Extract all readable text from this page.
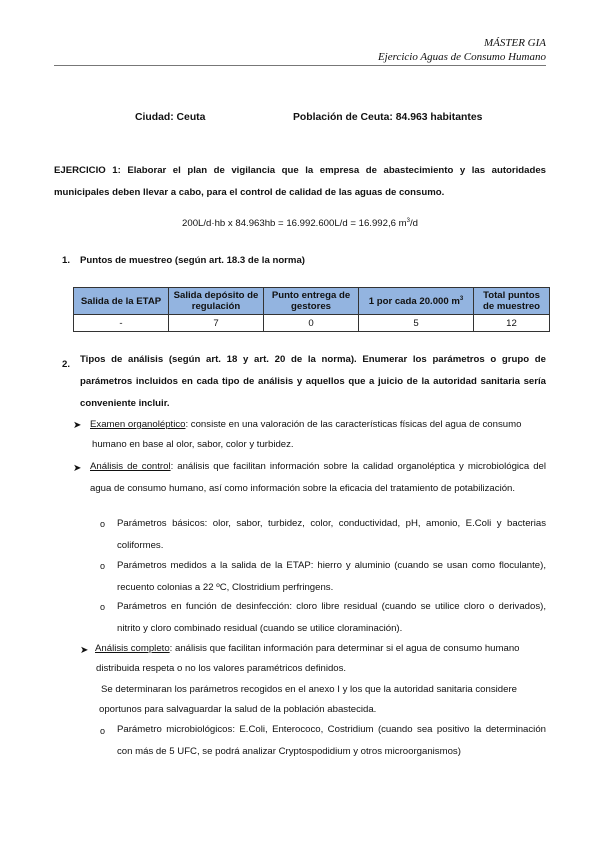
MÁSTER GIA
Ejercicio Aguas de Consumo Humano
Ciudad: Ceuta	Población de Ceuta: 84.963 habitantes
EJERCICIO 1: Elaborar el plan de vigilancia que la empresa de abastecimiento y las autoridades municipales deben llevar a cabo, para el control de calidad de las aguas de consumo.
200L/d·hb x 84.963hb = 16.992.600L/d = 16.992,6 $m^3/d$
1. Puntos de muestreo (según art. 18.3 de la norma)
Salida de la ETAP	Salida depósito de regulación	Punto entrega de gestores	1 por cada 20.000 $m^3$	Total puntos de muestreo
-	7	0	5	12
2. Tipos de análisis (según art. 18 y art. 20 de la norma). Enumerar los parámetros o grupo de parámetros incluidos en cada tipo de análisis y aquellos que a juicio de la autoridad sanitaria sería conveniente incluir.
➤ Examen organoléptico: consiste en una valoración de las características físicas del agua de consumo
humano en base al olor, sabor, color y turbidez.
➤ Análisis de control: análisis que facilitan información sobre la calidad organoléptica y microbiológica del agua de consumo humano, así como información sobre la eficacia del tratamiento de potabilización.
o Parámetros básicos: olor, sabor, turbidez, color, conductividad, pH, amonio, E.Coli y bacterias coliformes.
o Parámetros medidos a la salida de la ETAP: hierro y aluminio (cuando se usan como floculante), recuento colonias a 22 ºC, Clostridium perfringens.
o Parámetros en función de desinfección: cloro libre residual (cuando se utilice cloro o derivados), nitrito y cloro combinado residual (cuando se utilice cloraminación).
➤ Análisis completo: análisis que facilitan información para determinar si el agua de consumo humano
distribuida respeta o no los valores paramétricos definidos.
Se determinaran los parámetros recogidos en el anexo I y los que la autoridad sanitaria considere
oportunos para salvaguardar la salud de la población abastecida.
o Parámetro microbiológicos: E.Coli, Enterococo, Costridium (cuando sea positivo la determinación con más de 5 UFC, se podrá analizar Cryptospodidium y otros microorganismos)
